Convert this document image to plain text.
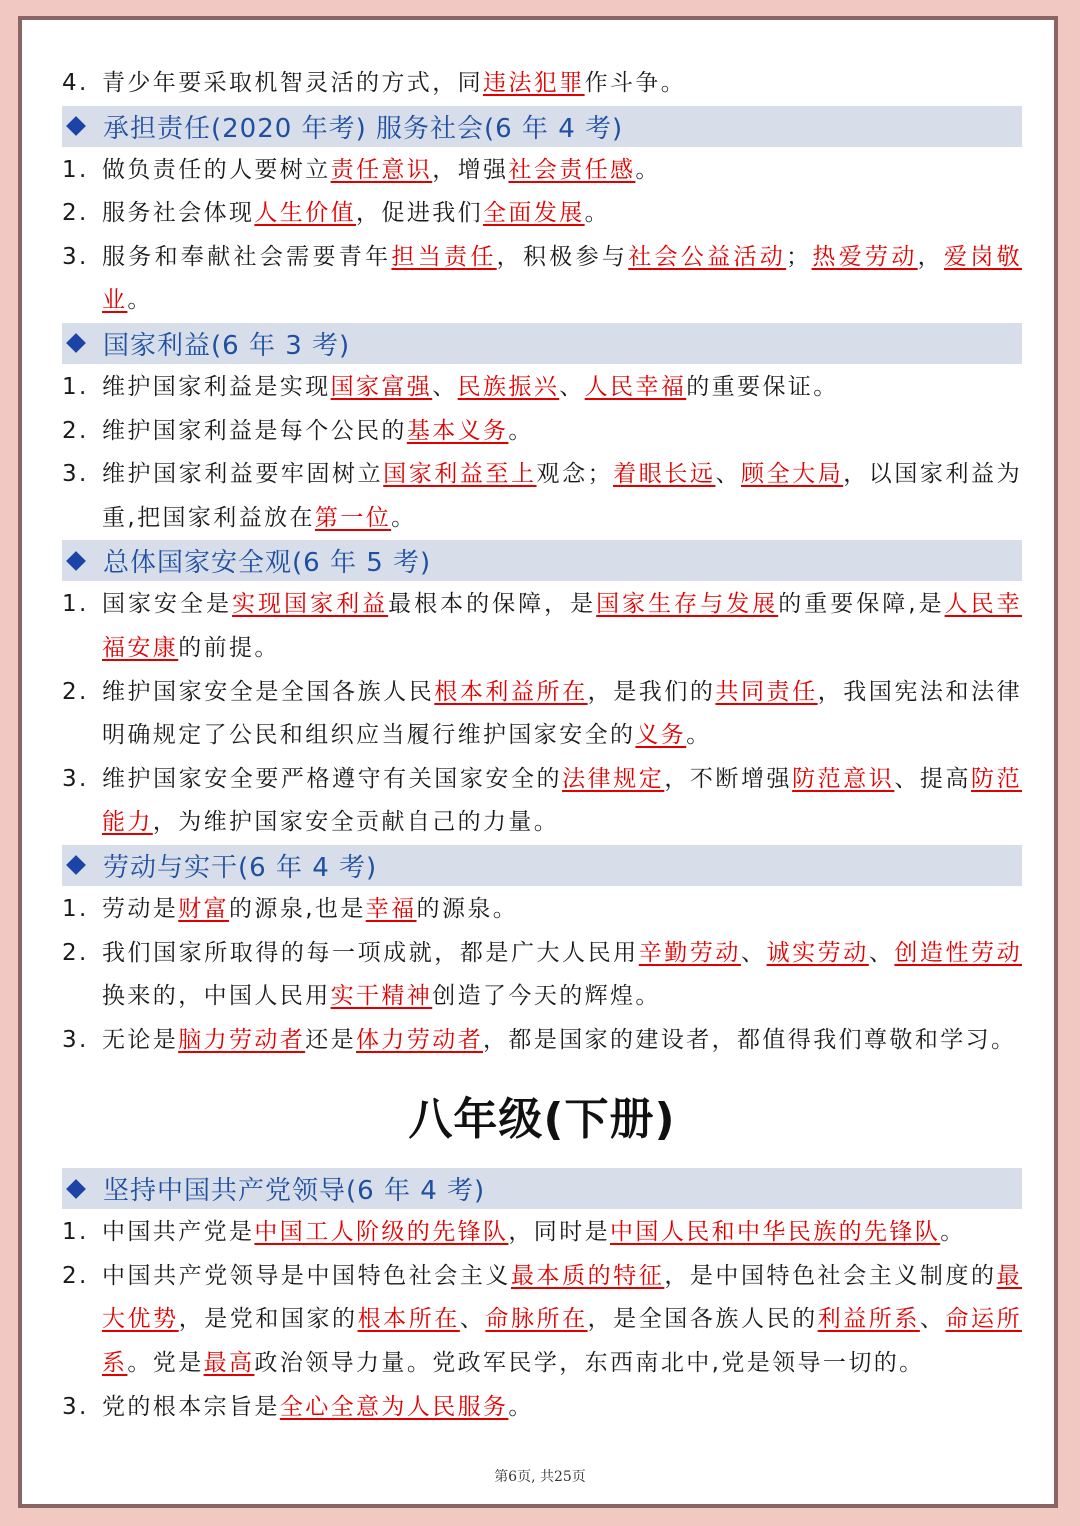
4. 青少年要采取机智灵活的方式，同违法犯罪作斗争。
承担责任(2020 年考) 服务社会(6 年 4 考)
1. 做负责任的人要树立责任意识，增强社会责任感。
2. 服务社会体现人生价值，促进我们全面发展。
3. 服务和奉献社会需要青年担当责任，积极参与社会公益活动；热爱劳动，爱岗敬业。
国家利益(6 年 3 考)
1. 维护国家利益是实现国家富强、民族振兴、人民幸福的重要保证。
2. 维护国家利益是每个公民的基本义务。
3. 维护国家利益要牢固树立国家利益至上观念；着眼长远、顾全大局，以国家利益为重,把国家利益放在第一位。
总体国家安全观(6 年 5 考)
1. 国家安全是实现国家利益最根本的保障，是国家生存与发展的重要保障,是人民幸福安康的前提。
2. 维护国家安全是全国各族人民根本利益所在，是我们的共同责任，我国宪法和法律明确规定了公民和组织应当履行维护国家安全的义务。
3. 维护国家安全要严格遵守有关国家安全的法律规定，不断增强防范意识、提高防范能力，为维护国家安全贡献自己的力量。
劳动与实干(6 年 4 考)
1. 劳动是财富的源泉,也是幸福的源泉。
2. 我们国家所取得的每一项成就，都是广大人民用辛勤劳动、诚实劳动、创造性劳动换来的，中国人民用实干精神创造了今天的辉煌。
3. 无论是脑力劳动者还是体力劳动者，都是国家的建设者，都值得我们尊敬和学习。
八年级(下册)
坚持中国共产党领导(6 年 4 考)
1. 中国共产党是中国工人阶级的先锋队，同时是中国人民和中华民族的先锋队。
2. 中国共产党领导是中国特色社会主义最本质的特征，是中国特色社会主义制度的最大优势，是党和国家的根本所在、命脉所在，是全国各族人民的利益所系、命运所系。党是最高政治领导力量。党政军民学，东西南北中,党是领导一切的。
3. 党的根本宗旨是全心全意为人民服务。
第6页, 共25页
